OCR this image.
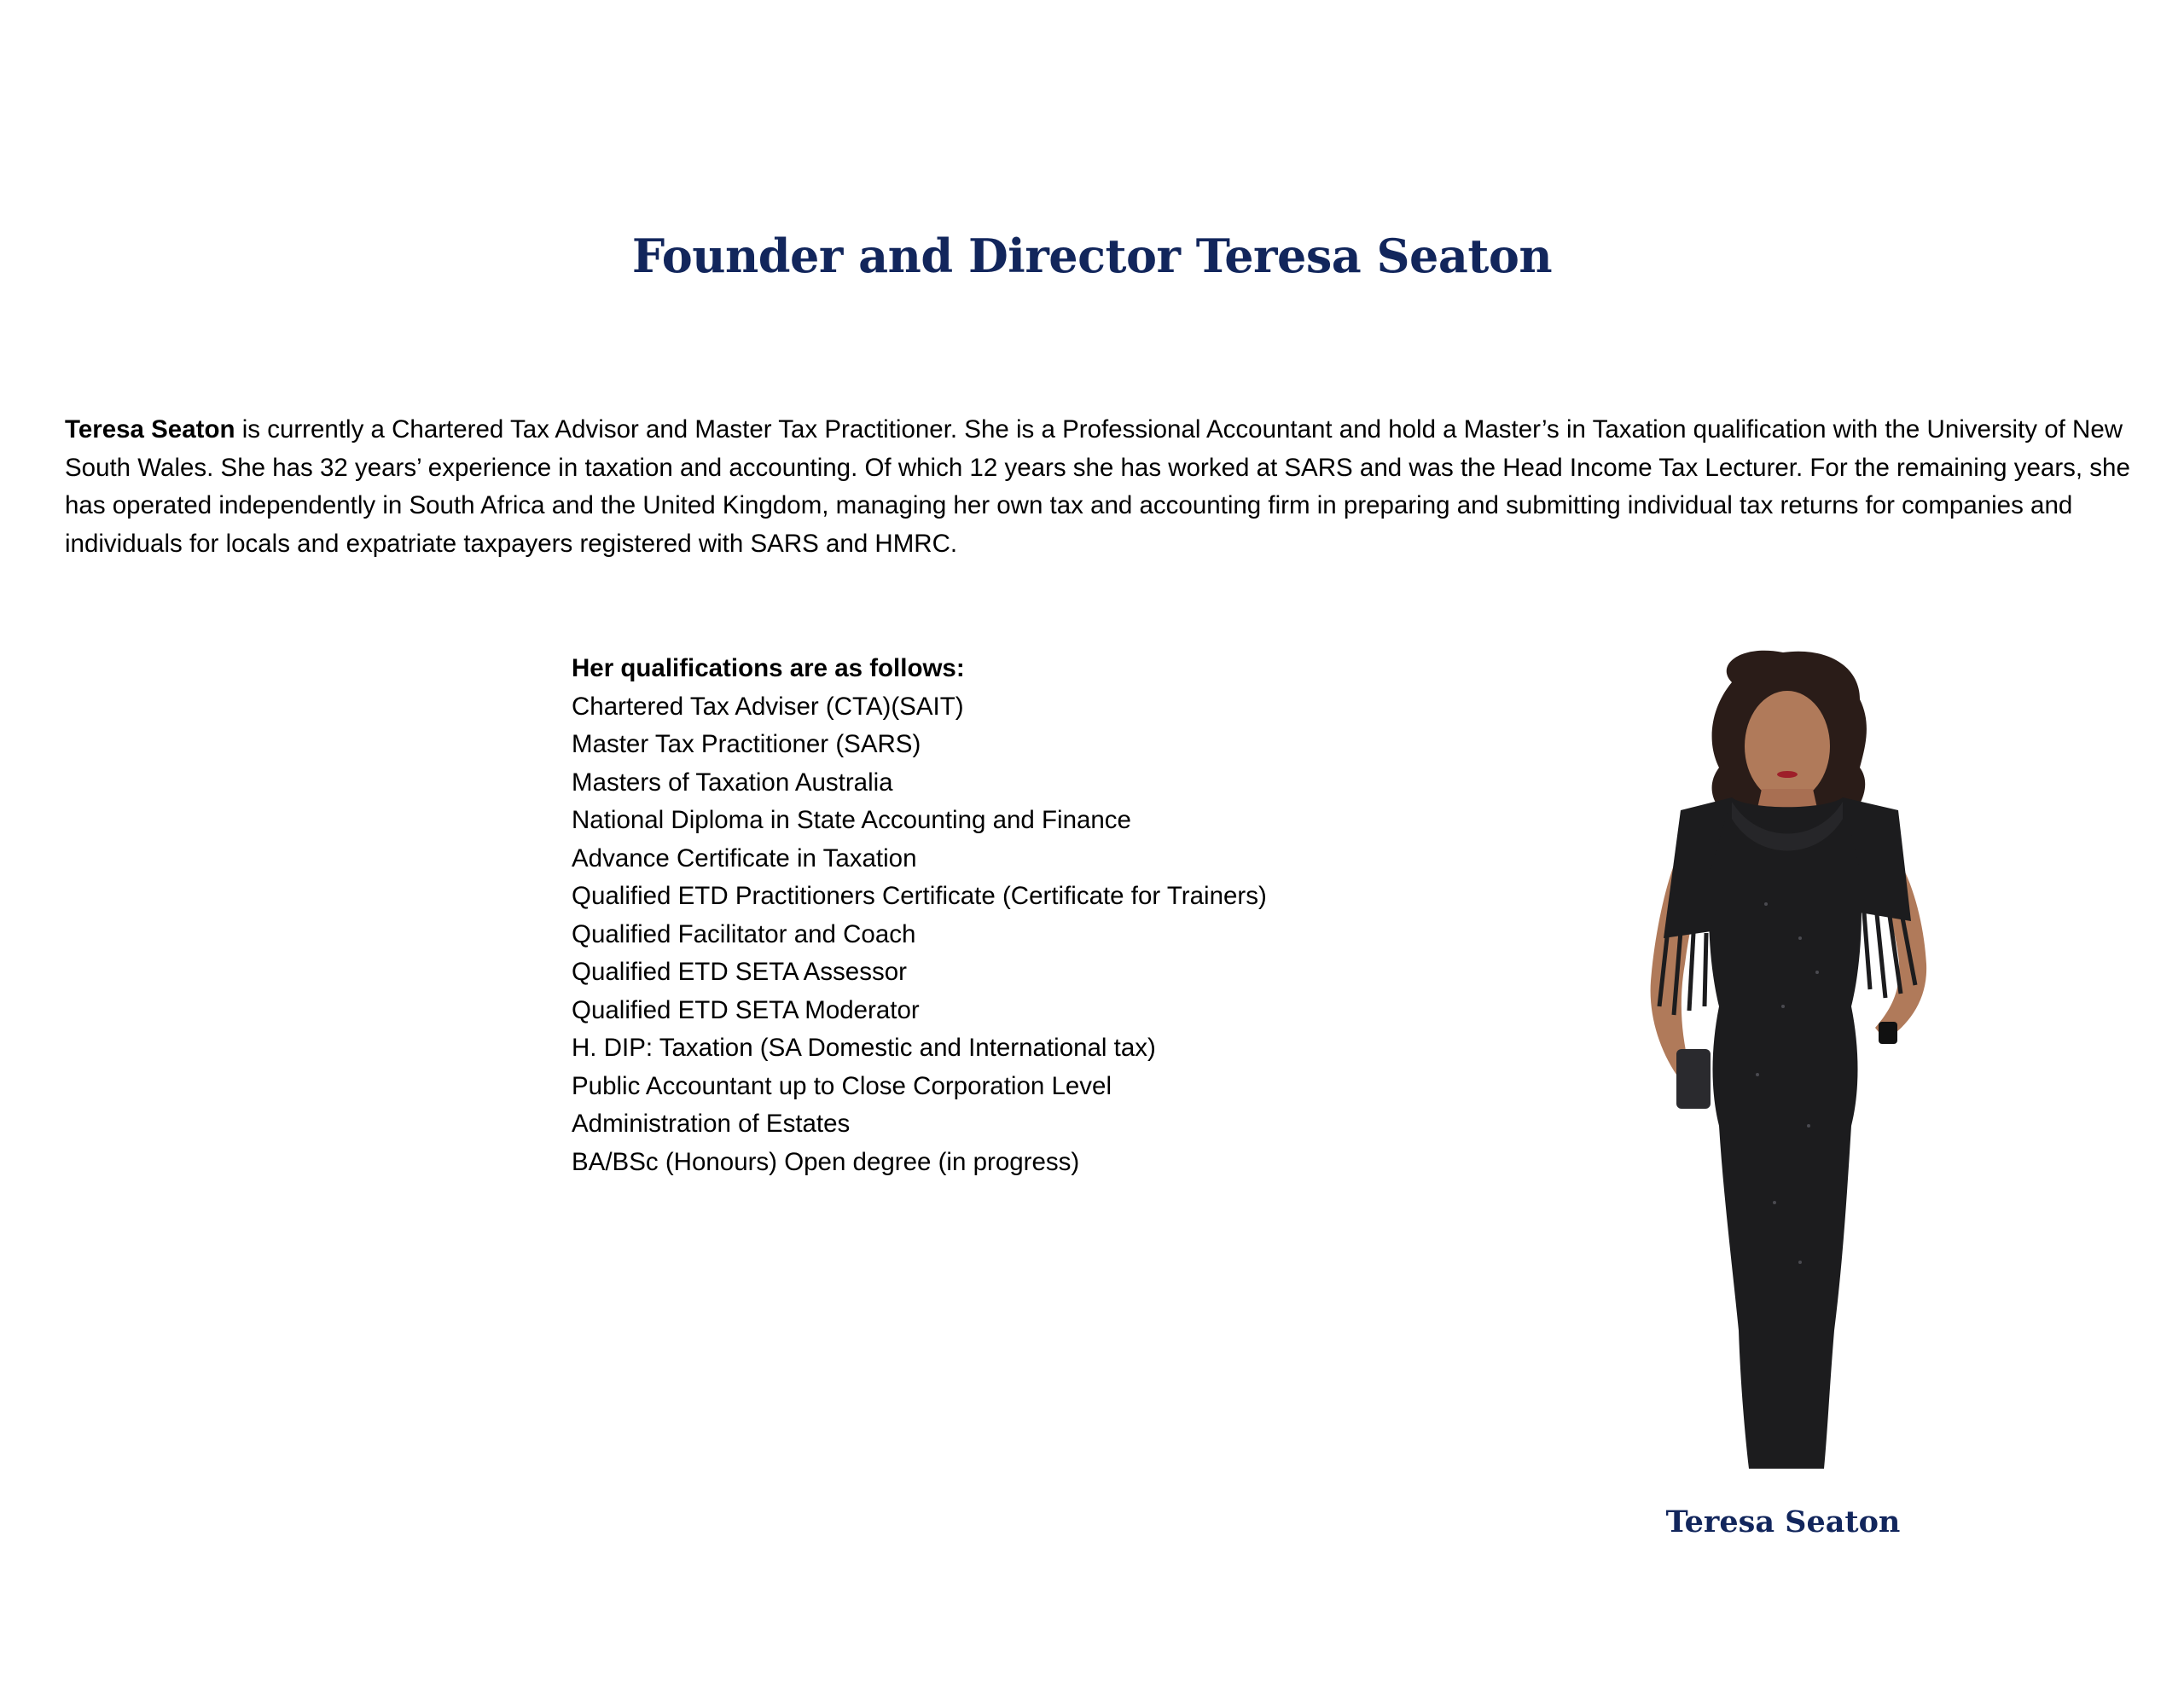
Founder and Director Teresa Seaton

Teresa Seaton is currently a Chartered Tax Advisor and Master Tax Practitioner. She is a Professional Accountant and hold a Master’s in Taxation qualification with the University of New South Wales. She has 32 years’ experience in taxation and accounting. Of which 12 years she has worked at SARS and was the Head Income Tax Lecturer. For the remaining years, she has operated independently in South Africa and the United Kingdom, managing her own tax and accounting firm in preparing and submitting individual tax returns for companies and individuals for locals and expatriate taxpayers registered with SARS and HMRC.

Her qualifications are as follows:

Chartered Tax Adviser (CTA)(SAIT)
Master Tax Practitioner (SARS)
Masters of Taxation Australia
National Diploma in State Accounting and Finance
Advance Certificate in Taxation
Qualified ETD Practitioners Certificate (Certificate for Trainers)
Qualified Facilitator and Coach
Qualified ETD SETA Assessor
Qualified ETD SETA Moderator
H. DIP: Taxation (SA Domestic and International tax)
Public Accountant up to Close Corporation Level
Administration of Estates
BA/BSc (Honours) Open degree (in progress)

Teresa Seaton
